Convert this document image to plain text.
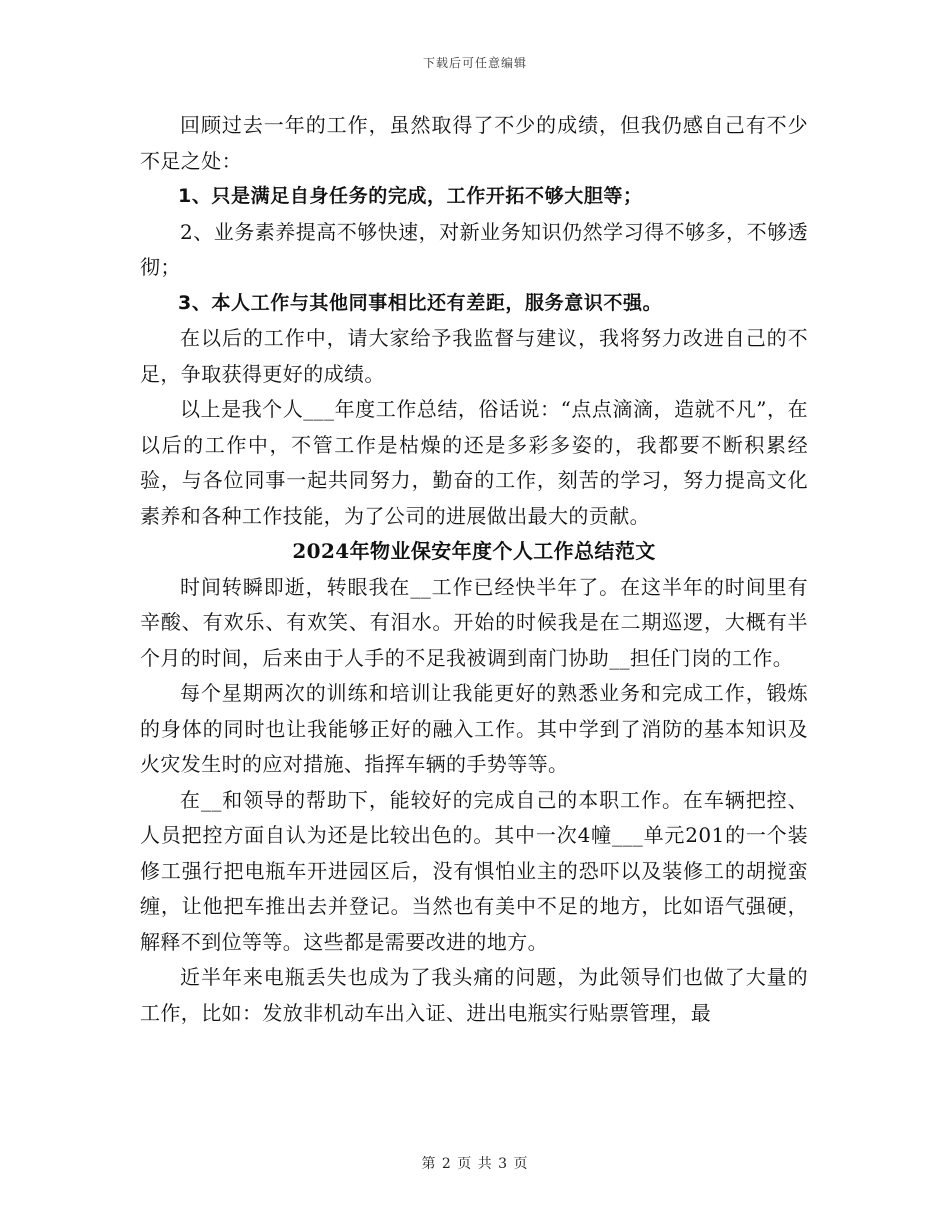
下载后可任意编辑

回顾过去一年的工作，虽然取得了不少的成绩，但我仍感自己有不少不足之处：

1、只是满足自身任务的完成，工作开拓不够大胆等；

2、业务素养提高不够快速，对新业务知识仍然学习得不够多，不够透彻；

3、本人工作与其他同事相比还有差距，服务意识不强。

在以后的工作中，请大家给予我监督与建议，我将努力改进自己的不足，争取获得更好的成绩。

以上是我个人___年度工作总结，俗话说：“点点滴滴，造就不凡”，在以后的工作中，不管工作是枯燥的还是多彩多姿的，我都要不断积累经验，与各位同事一起共同努力，勤奋的工作，刻苦的学习，努力提高文化素养和各种工作技能，为了公司的进展做出最大的贡献。

2024年物业保安年度个人工作总结范文

时间转瞬即逝，转眼我在__工作已经快半年了。在这半年的时间里有辛酸、有欢乐、有欢笑、有泪水。开始的时候我是在二期巡逻，大概有半个月的时间，后来由于人手的不足我被调到南门协助__担任门岗的工作。

每个星期两次的训练和培训让我能更好的熟悉业务和完成工作，锻炼的身体的同时也让我能够正好的融入工作。其中学到了消防的基本知识及火灾发生时的应对措施、指挥车辆的手势等等。

在__和领导的帮助下，能较好的完成自己的本职工作。在车辆把控、人员把控方面自认为还是比较出色的。其中一次4幢___单元201的一个装修工强行把电瓶车开进园区后，没有惧怕业主的恐吓以及装修工的胡搅蛮缠，让他把车推出去并登记。当然也有美中不足的地方，比如语气强硬，解释不到位等等。这些都是需要改进的地方。

近半年来电瓶丢失也成为了我头痛的问题，为此领导们也做了大量的工作，比如：发放非机动车出入证、进出电瓶实行贴票管理，最

第 2 页 共 3 页
